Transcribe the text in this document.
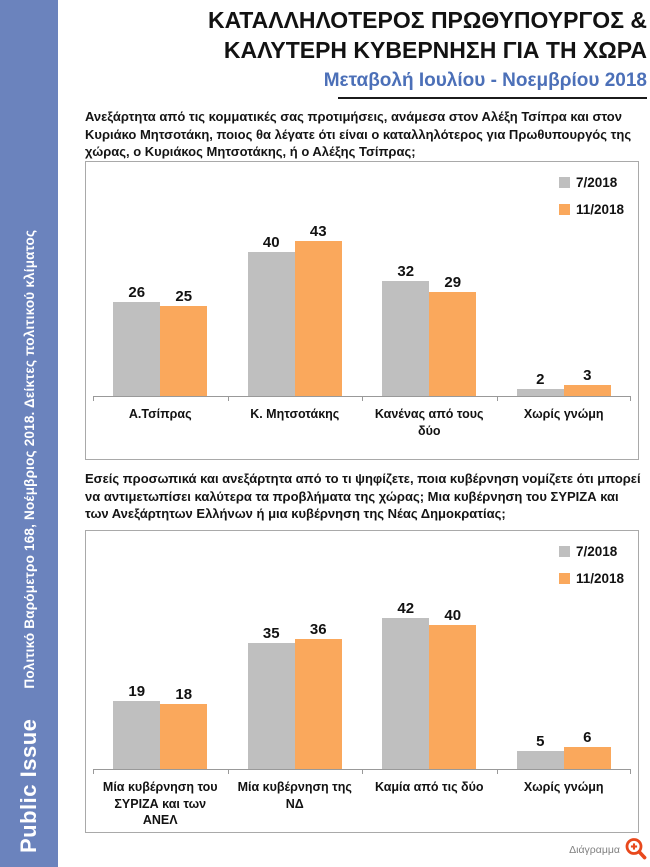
Public Issue
Πολιτικό Βαρόμετρο 168, Νοέμβριος 2018. Δείκτες πολιτικού κλίματος
ΚΑΤΑΛΛΗΛΟΤΕΡΟΣ ΠΡΩΘΥΠΟΥΡΓΟΣ &
ΚΑΛΥΤΕΡΗ ΚΥΒΕΡΝΗΣΗ ΓΙΑ ΤΗ ΧΩΡΑ
Μεταβολή Ιουλίου - Νοεμβρίου 2018
Ανεξάρτητα από τις κομματικές σας προτιμήσεις, ανάμεσα στον Αλέξη Τσίπρα και στον Κυριάκο Μητσοτάκη, ποιος θα λέγατε ότι είναι ο καταλληλότερος για Πρωθυπουργός της χώρας, ο Κυριάκος Μητσοτάκης, ή ο Αλέξης Τσίπρας;
26 25
40
43
32
29
2	3
Α.Τσίπρας	Κ. Μητσοτάκης	Κανένας από τους δύο
Χωρίς γνώμη
7/2018
11/2018
Εσείς προσωπικά και ανεξάρτητα από το τι ψηφίζετε, ποια κυβέρνηση νομίζετε ότι μπορεί να αντιμετωπίσει καλύτερα τα προβλήματα της χώρας; Μια κυβέρνηση του ΣΥΡΙΖΑ και των Ανεξάρτητων Ελλήνων ή μια κυβέρνηση της Νέας Δημοκρατίας;
19 18
35 36
42 40
5	6
Μία κυβέρνηση του ΣΥΡΙΖΑ και των ΑΝΕΛ
Μία κυβέρνηση της ΝΔ
Καμία από τις δύο	Χωρίς γνώμη
7/2018
11/2018
Διάγραμμα
